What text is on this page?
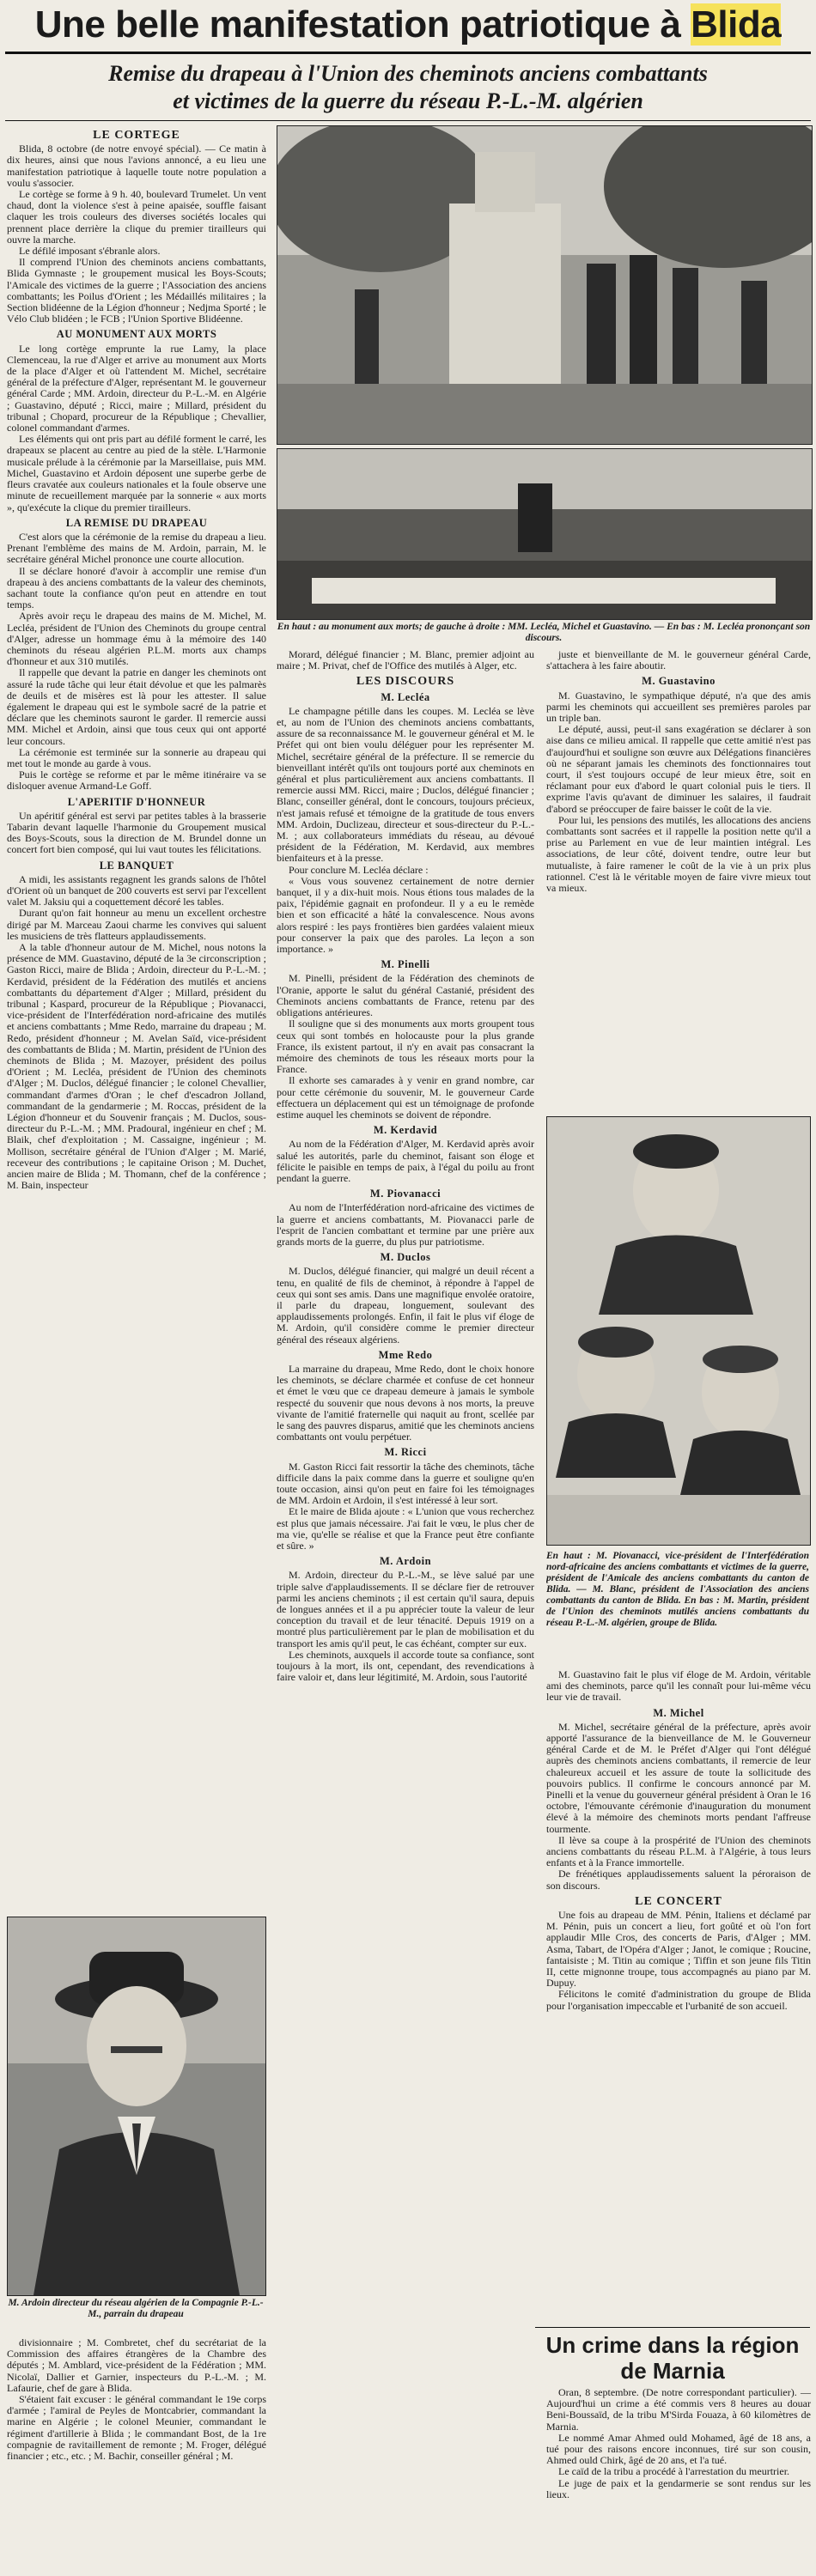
Une belle manifestation patriotique à Blida
Remise du drapeau à l'Union des cheminots anciens combattants
et victimes de la guerre du réseau P.-L.-M. algérien
LE CORTEGE

Blida, 8 octobre (de notre envoyé spécial). — Ce matin à dix heures, ainsi que nous l'avions annoncé, a eu lieu une manifestation patriotique à laquelle toute notre population a voulu s'associer.

Le cortège se forme à 9 h. 40, boulevard Trumelet. Un vent chaud, dont la violence s'est à peine apaisée, souffle faisant claquer les trois couleurs des diverses sociétés locales qui prennent place derrière la clique du premier tirailleurs qui ouvre la marche.

Le défilé imposant s'ébranle alors.

Il comprend l'Union des cheminots anciens combattants, Blida Gymnaste ; le groupement musical les Boys-Scouts; l'Amicale des victimes de la guerre ; l'Association des anciens combattants; les Poilus d'Orient ; les Médaillés militaires ; la Section blidéenne de la Légion d'honneur ; Nedjma Sporté ; le Vélo Club blidéen ; le FCB ; l'Union Sportive Blidéenne.

AU MONUMENT AUX MORTS

Le long cortège emprunte la rue Lamy, la place Clemenceau, la rue d'Alger et arrive au monument aux Morts de la place d'Alger et où l'attendent M. Michel, secrétaire général de la préfecture d'Alger, représentant M. le gouverneur général Carde ; MM. Ardoin, directeur du P.-L.-M. en Algérie ; Guastavino, député ; Ricci, maire ; Millard, président du tribunal ; Chopard, procureur de la République ; Chevallier, colonel commandant d'armes.

Les éléments qui ont pris part au défilé forment le carré, les drapeaux se placent au centre au pied de la stèle. L'Harmonie musicale prélude à la cérémonie par la Marseillaise, puis MM. Michel, Guastavino et Ardoin déposent une superbe gerbe de fleurs cravatée aux couleurs nationales et la foule observe une minute de recueillement marquée par la sonnerie « aux morts », qu'exécute la clique du premier tirailleurs.

LA REMISE DU DRAPEAU

C'est alors que la cérémonie de la remise du drapeau a lieu. Prenant l'emblème des mains de M. Ardoin, parrain, M. le secrétaire général Michel prononce une courte allocution.

Il se déclare honoré d'avoir à accomplir une remise d'un drapeau à des anciens combattants de la valeur des cheminots, sachant toute la confiance qu'on peut en attendre en tout temps.

Après avoir reçu le drapeau des mains de M. Michel, M. Lecléa, président de l'Union des Cheminots du groupe central d'Alger, adresse un hommage ému à la mémoire des 140 cheminots du réseau algérien P.L.M. morts aux champs d'honneur et aux 310 mutilés.

Il rappelle que devant la patrie en danger les cheminots ont assuré la rude tâche qui leur était dévolue et que les palmarès de deuils et de misères est là pour les attester. Il salue également le drapeau qui est le symbole sacré de la patrie et déclare que les cheminots sauront le garder. Il remercie aussi MM. Michel et Ardoin, ainsi que tous ceux qui ont apporté leur concours.

La cérémonie est terminée sur la sonnerie au drapeau qui met tout le monde au garde à vous.

Puis le cortège se reforme et par le même itinéraire va se disloquer avenue Armand-Le Goff.

L'APERITIF D'HONNEUR

Un apéritif général est servi par petites tables à la brasserie Tabarin devant laquelle l'harmonie du Groupement musical des Boys-Scouts, sous la direction de M. Brundel donne un concert fort bien composé, qui lui vaut toutes les félicitations.

LE BANQUET

A midi, les assistants regagnent les grands salons de l'hôtel d'Orient où un banquet de 200 couverts est servi par l'excellent valet M. Jaksiu qui a coquettement décoré les tables.

Durant qu'on fait honneur au menu un excellent orchestre dirigé par M. Marceau Zaoui charme les convives qui saluent les musiciens de très flatteurs applaudissements.

A la table d'honneur autour de M. Michel, nous notons la présence de MM. Guastavino, député de la 3e circonscription ; Gaston Ricci, maire de Blida ; Ardoin, directeur du P.-L.-M. ; Kerdavid, président de la Fédération des mutilés et anciens combattants du département d'Alger ; Millard, président du tribunal ; Kaspard, procureur de la République ; Piovanacci, vice-président de l'Interfédération nord-africaine des mutilés et anciens combattants ; Mme Redo, marraine du drapeau ; M. Redo, président d'honneur ; M. Avelan Saïd, vice-président des combattants de Blida ; M. Martin, président de l'Union des cheminots de Blida ; M. Mazoyer, président des poilus d'Orient ; M. Lecléa, président de l'Union des cheminots d'Alger ; M. Duclos, délégué financier ; le colonel Chevallier, commandant d'armes d'Oran ; le chef d'escadron Jolland, commandant de la gendarmerie ; M. Roccas, président de la Légion d'honneur et du Souvenir français ; M. Duclos, sous-directeur du P.-L.-M. ; MM. Pradoural, ingénieur en chef ; M. Blaik, chef d'exploitation ; M. Cassaigne, ingénieur ; M. Mollison, secrétaire général de l'Union d'Alger ; M. Marié, receveur des contributions ; le capitaine Orison ; M. Duchet, ancien maire de Blida ; M. Thomann, chef de la conférence ; M. Bain, inspecteur

M. Ardoin directeur du réseau algérien de la Compagnie P.-L.-M., parrain du drapeau

divisionnaire ; M. Combretet, chef du secrétariat de la Commission des affaires étrangères de la Chambre des députés ; M. Amblard, vice-président de la Fédération ; MM. Nicolaï, Dallier et Garnier, inspecteurs du P.-L.-M. ; M. Lafaurie, chef de gare à Blida.

S'étaient fait excuser : le général commandant le 19e corps d'armée ; l'amiral de Peyles de Montcabrier, commandant la marine en Algérie ; le colonel Meunier, commandant le régiment d'artillerie à Blida ; le commandant Bost, de la 1re compagnie de ravitaillement de remonte ; M. Froger, délégué financier ; etc., etc. ; M. Bachir, conseiller général ; M.

En haut : au monument aux morts; de gauche à droite : MM. Lecléa, Michel et Guastavino. — En bas : M. Lecléa prononçant son discours.

Morard, délégué financier ; M. Blanc, premier adjoint au maire ; M. Privat, chef de l'Office des mutilés à Alger, etc.

LES DISCOURS
M. Lecléa

Le champagne pétille dans les coupes. M. Lecléa se lève et, au nom de l'Union des cheminots anciens combattants, assure de sa reconnaissance M. le gouverneur général et M. le Préfet qui ont bien voulu déléguer pour les représenter M. Michel, secrétaire général de la préfecture. Il se remercie du bienveillant intérêt qu'ils ont toujours porté aux cheminots en général et plus particulièrement aux anciens combattants. Il remercie aussi MM. Ricci, maire ; Duclos, délégué financier ; Blanc, conseiller général, dont le concours, toujours précieux, n'est jamais refusé et témoigne de la gratitude de tous envers MM. Ardoin, Duclizeau, directeur et sous-directeur du P.-L.-M. ; aux collaborateurs immédiats du réseau, au dévoué président de la Fédération, M. Kerdavid, aux membres bienfaiteurs et à la presse.

Pour conclure M. Lecléa déclare :

« Vous vous souvenez certainement de notre dernier banquet, il y a dix-huit mois. Nous étions tous malades de la paix, l'épidémie gagnait en profondeur. Il y a eu le remède bien et son efficacité a hâté la convalescence. Nous avons alors respiré : les pays frontières bien gardées valaient mieux pour conserver la paix que des paroles. La leçon a son importance. »

M. Pinelli

M. Pinelli, président de la Fédération des cheminots de l'Oranie, apporte le salut du général Castanié, président des Cheminots anciens combattants de France, retenu par des obligations antérieures.

Il souligne que si des monuments aux morts groupent tous ceux qui sont tombés en holocauste pour la plus grande France, ils existent partout, il n'y en avait pas consacrant la mémoire des cheminots de tous les réseaux morts pour la France.

Il exhorte ses camarades à y venir en grand nombre, car pour cette cérémonie du souvenir, M. le gouverneur Carde effectuera un déplacement qui est un témoignage de profonde estime auquel les cheminots se doivent de répondre.

M. Kerdavid

Au nom de la Fédération d'Alger, M. Kerdavid après avoir salué les autorités, parle du cheminot, faisant son éloge et félicite le paisible en temps de paix, à l'égal du poilu au front pendant la guerre.

M. Piovanacci

Au nom de l'Interfédération nord-africaine des victimes de la guerre et anciens combattants, M. Piovanacci parle de l'esprit de l'ancien combattant et termine par une prière aux grands morts de la guerre, du plus pur patriotisme.

M. Duclos

M. Duclos, délégué financier, qui malgré un deuil récent a tenu, en qualité de fils de cheminot, à répondre à l'appel de ceux qui sont ses amis. Dans une magnifique envolée oratoire, il parle du drapeau, longuement, soulevant des applaudissements prolongés. Enfin, il fait le plus vif éloge de M. Ardoin, qu'il considère comme le premier directeur général des réseaux algériens.

Mme Redo

La marraine du drapeau, Mme Redo, dont le choix honore les cheminots, se déclare charmée et confuse de cet honneur et émet le vœu que ce drapeau demeure à jamais le symbole respecté du souvenir que nous devons à nos morts, la preuve vivante de l'amitié fraternelle qui naquit au front, scellée par le sang des pauvres disparus, amitié que les cheminots anciens combattants ont voulu perpétuer.

M. Ricci

M. Gaston Ricci fait ressortir la tâche des cheminots, tâche difficile dans la paix comme dans la guerre et souligne qu'en toute occasion, ainsi qu'on peut en faire foi les témoignages de MM. Ardoin et Ardoin, il s'est intéressé à leur sort.

Et le maire de Blida ajoute : « L'union que vous recherchez est plus que jamais nécessaire. J'ai fait le vœu, le plus cher de ma vie, qu'elle se réalise et que la France peut être confiante et sûre. »

M. Ardoin

M. Ardoin, directeur du P.-L.-M., se lève salué par une triple salve d'applaudissements. Il se déclare fier de retrouver parmi les anciens cheminots ; il est certain qu'il saura, depuis de longues années et il a pu apprécier toute la valeur de leur conception du travail et de leur ténacité. Depuis 1919 on a montré plus particulièrement par le plan de mobilisation et du transport les amis qu'il peut, le cas échéant, compter sur eux.

Les cheminots, auxquels il accorde toute sa confiance, sont toujours à la mort, ils ont, cependant, des revendications à faire valoir et, dans leur légitimité, M. Ardoin, sous l'autorité

juste et bienveillante de M. le gouverneur général Carde, s'attachera à les faire aboutir.

M. Guastavino

M. Guastavino, le sympathique député, n'a que des amis parmi les cheminots qui accueillent ses premières paroles par un triple ban.

Le député, aussi, peut-il sans exagération se déclarer à son aise dans ce milieu amical. Il rappelle que cette amitié n'est pas d'aujourd'hui et souligne son œuvre aux Délégations financières où ne séparant jamais les cheminots des fonctionnaires tout court, il s'est toujours occupé de leur mieux être, soit en réclamant pour eux d'abord le quart colonial puis le tiers. Il exprime l'avis qu'avant de diminuer les salaires, il faudrait d'abord se préoccuper de faire baisser le coût de la vie.

Pour lui, les pensions des mutilés, les allocations des anciens combattants sont sacrées et il rappelle la position nette qu'il a prise au Parlement en vue de leur maintien intégral. Les associations, de leur côté, doivent tendre, outre leur but mutualiste, à faire ramener le coût de la vie à un prix plus rationnel. C'est là le véritable moyen de faire vivre mieux tout va mieux.

En haut : M. Piovanacci, vice-président de l'Interfédération nord-africaine des anciens combattants et victimes de la guerre, président de l'Amicale des anciens combattants du canton de Blida. — M. Blanc, président de l'Association des anciens combattants du canton de Blida. En bas : M. Martin, président de l'Union des cheminots mutilés anciens combattants du réseau P.-L.-M. algérien, groupe de Blida.

M. Guastavino fait le plus vif éloge de M. Ardoin, véritable ami des cheminots, parce qu'il les connaît pour lui-même vécu leur vie de travail.

M. Michel

M. Michel, secrétaire général de la préfecture, après avoir apporté l'assurance de la bienveillance de M. le Gouverneur général Carde et de M. le Préfet d'Alger qui l'ont délégué auprès des cheminots anciens combattants, il remercie de leur chaleureux accueil et les assure de toute la sollicitude des pouvoirs publics. Il confirme le concours annoncé par M. Pinelli et la venue du gouverneur général président à Oran le 16 octobre, l'émouvante cérémonie d'inauguration du monument élevé à la mémoire des cheminots morts pendant l'affreuse tourmente.

Il lève sa coupe à la prospérité de l'Union des cheminots anciens combattants du réseau P.L.M. à l'Algérie, à tous leurs enfants et à la France immortelle.

De frénétiques applaudissements saluent la péroraison de son discours.

LE CONCERT

Une fois au drapeau de MM. Pénin, Italiens et déclamé par M. Pénin, puis un concert a lieu, fort goûté et où l'on fort applaudir Mlle Cros, des concerts de Paris, d'Alger ; MM. Asma, Tabart, de l'Opéra d'Alger ; Janot, le comique ; Roucine, fantaisiste ; M. Titin au comique ; Tiffin et son jeune fils Titin II, cette mignonne troupe, tous accompagnés au piano par M. Dupuy.

Félicitons le comité d'administration du groupe de Blida pour l'organisation impeccable et l'urbanité de son accueil.

Un crime dans la région de Marnia

Oran, 8 septembre. (De notre correspondant particulier). — Aujourd'hui un crime a été commis vers 8 heures au douar Beni-Boussaïd, de la tribu M'Sirda Fouaza, à 60 kilomètres de Marnia.

Le nommé Amar Ahmed ould Mohamed, âgé de 18 ans, a tué pour des raisons encore inconnues, tiré sur son cousin, Ahmed ould Chirk, âgé de 20 ans, et l'a tué.

Le caïd de la tribu a procédé à l'arrestation du meurtrier.

Le juge de paix et la gendarmerie se sont rendus sur les lieux.
